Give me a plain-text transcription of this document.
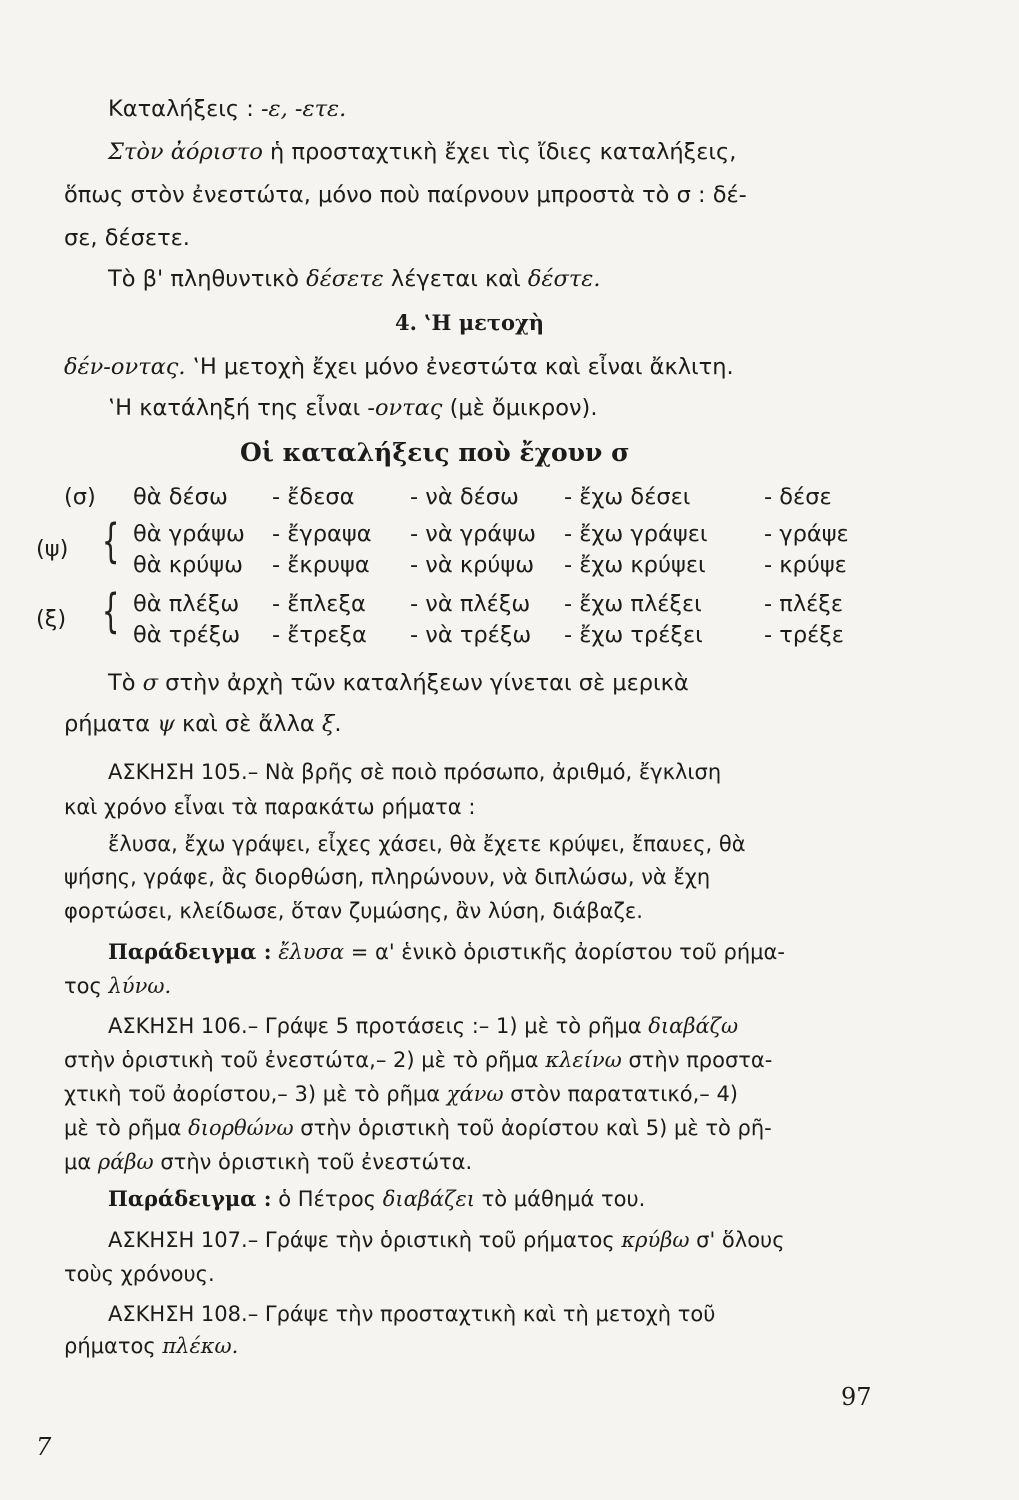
Καταλήξεις : -ε, -ετε.
Στὸν ἀόριστο ἡ προσταχτικὴ ἔχει τὶς ἴδιες καταλήξεις,
ὅπως στὸν ἐνεστώτα, μόνο ποὺ παίρνουν μπροστὰ τὸ σ : δέ-
σε, δέσετε.
Τὸ β' πληθυντικὸ δέσετε λέγεται καὶ δέστε.
4. ‛Η μετοχὴ
δέν-οντας. ‛Η μετοχὴ ἔχει μόνο ἐνεστώτα καὶ εἶναι ἄκλιτη.
‛Η κατάληξή της εἶναι -οντας (μὲ ὄμικρον).
Οἱ καταλήξεις ποὺ ἔχουν σ
(σ) θὰ δέσω - ἔδεσα - νὰ δέσω - ἔχω δέσει	- δέσε
{
(ψ)
θὰ γράψω - ἔγραψα - νὰ γράψω - ἔχω γράψει	- γράψε
θὰ κρύψω - ἔκρυψα - νὰ κρύψω - ἔχω κρύψει	- κρύψε
{
(ξ)
θὰ πλέξω - ἔπλεξα - νὰ πλέξω - ἔχω πλέξει	- πλέξε
θὰ τρέξω - ἔτρεξα - νὰ τρέξω - ἔχω τρέξει	- τρέξε
Τὸ σ στὴν ἀρχὴ τῶν καταλήξεων γίνεται σὲ μερικὰ
ρήματα ψ καὶ σὲ ἄλλα ξ.
ΑΣΚΗΣΗ 105.– Νὰ βρῆς σὲ ποιὸ πρόσωπο, ἀριθμό, ἔγκλιση
καὶ χρόνο εἶναι τὰ παρακάτω ρήματα :
ἔλυσα, ἔχω γράψει, εἶχες χάσει, θὰ ἔχετε κρύψει, ἔπαυες, θὰ
ψήσης, γράφε, ἂς διορθώση, πληρώνουν, νὰ διπλώσω, νὰ ἔχη
φορτώσει, κλείδωσε, ὅταν ζυμώσης, ἂν λύση, διάβαζε.
Παράδειγμα : ἔλυσα = α' ἑνικὸ ὁριστικῆς ἀορίστου τοῦ ρήμα-
τος λύνω.
ΑΣΚΗΣΗ 106.– Γράψε 5 προτάσεις :– 1) μὲ τὸ ρῆμα διαβάζω
στὴν ὁριστικὴ τοῦ ἐνεστώτα,– 2) μὲ τὸ ρῆμα κλείνω στὴν προστα-
χτικὴ τοῦ ἀορίστου,– 3) μὲ τὸ ρῆμα χάνω στὸν παρατατικό,– 4)
μὲ τὸ ρῆμα διορθώνω στὴν ὁριστικὴ τοῦ ἀορίστου καὶ 5) μὲ τὸ ρῆ-
μα ράβω στὴν ὁριστικὴ τοῦ ἐνεστώτα.
Παράδειγμα : ὁ Πέτρος διαβάζει τὸ μάθημά του.
ΑΣΚΗΣΗ 107.– Γράψε τὴν ὁριστικὴ τοῦ ρήματος κρύβω σ' ὅλους
τοὺς χρόνους.
ΑΣΚΗΣΗ 108.– Γράψε τὴν προσταχτικὴ καὶ τὴ μετοχὴ τοῦ
ρήματος πλέκω.
97
7
